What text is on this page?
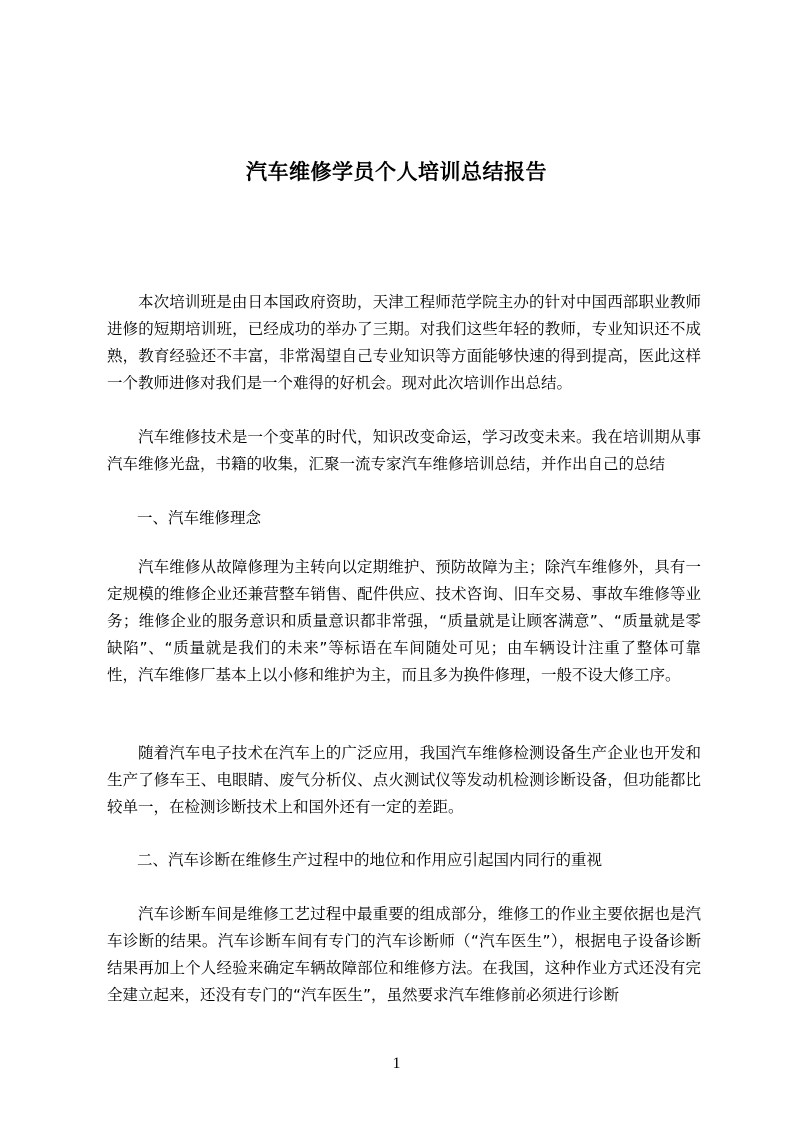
汽车维修学员个人培训总结报告

本次培训班是由日本国政府资助，天津工程师范学院主办的针对中国西部职业教师进修的短期培训班，已经成功的举办了三期。对我们这些年轻的教师，专业知识还不成熟，教育经验还不丰富，非常渴望自己专业知识等方面能够快速的得到提高，医此这样一个教师进修对我们是一个难得的好机会。现对此次培训作出总结。

汽车维修技术是一个变革的时代，知识改变命运，学习改变未来。我在培训期从事汽车维修光盘，书籍的收集，汇聚一流专家汽车维修培训总结，并作出自己的总结

一、汽车维修理念

汽车维修从故障修理为主转向以定期维护、预防故障为主；除汽车维修外，具有一定规模的维修企业还兼营整车销售、配件供应、技术咨询、旧车交易、事故车维修等业务；维修企业的服务意识和质量意识都非常强，“质量就是让顾客满意”、“质量就是零缺陷”、“质量就是我们的未来”等标语在车间随处可见；由车辆设计注重了整体可靠性，汽车维修厂基本上以小修和维护为主，而且多为换件修理，一般不设大修工序。

随着汽车电子技术在汽车上的广泛应用，我国汽车维修检测设备生产企业也开发和生产了修车王、电眼睛、废气分析仪、点火测试仪等发动机检测诊断设备，但功能都比较单一，在检测诊断技术上和国外还有一定的差距。

二、汽车诊断在维修生产过程中的地位和作用应引起国内同行的重视

汽车诊断车间是维修工艺过程中最重要的组成部分，维修工的作业主要依据也是汽车诊断的结果。汽车诊断车间有专门的汽车诊断师（“汽车医生”），根据电子设备诊断结果再加上个人经验来确定车辆故障部位和维修方法。在我国，这种作业方式还没有完全建立起来，还没有专门的“汽车医生”，虽然要求汽车维修前必须进行诊断

1
